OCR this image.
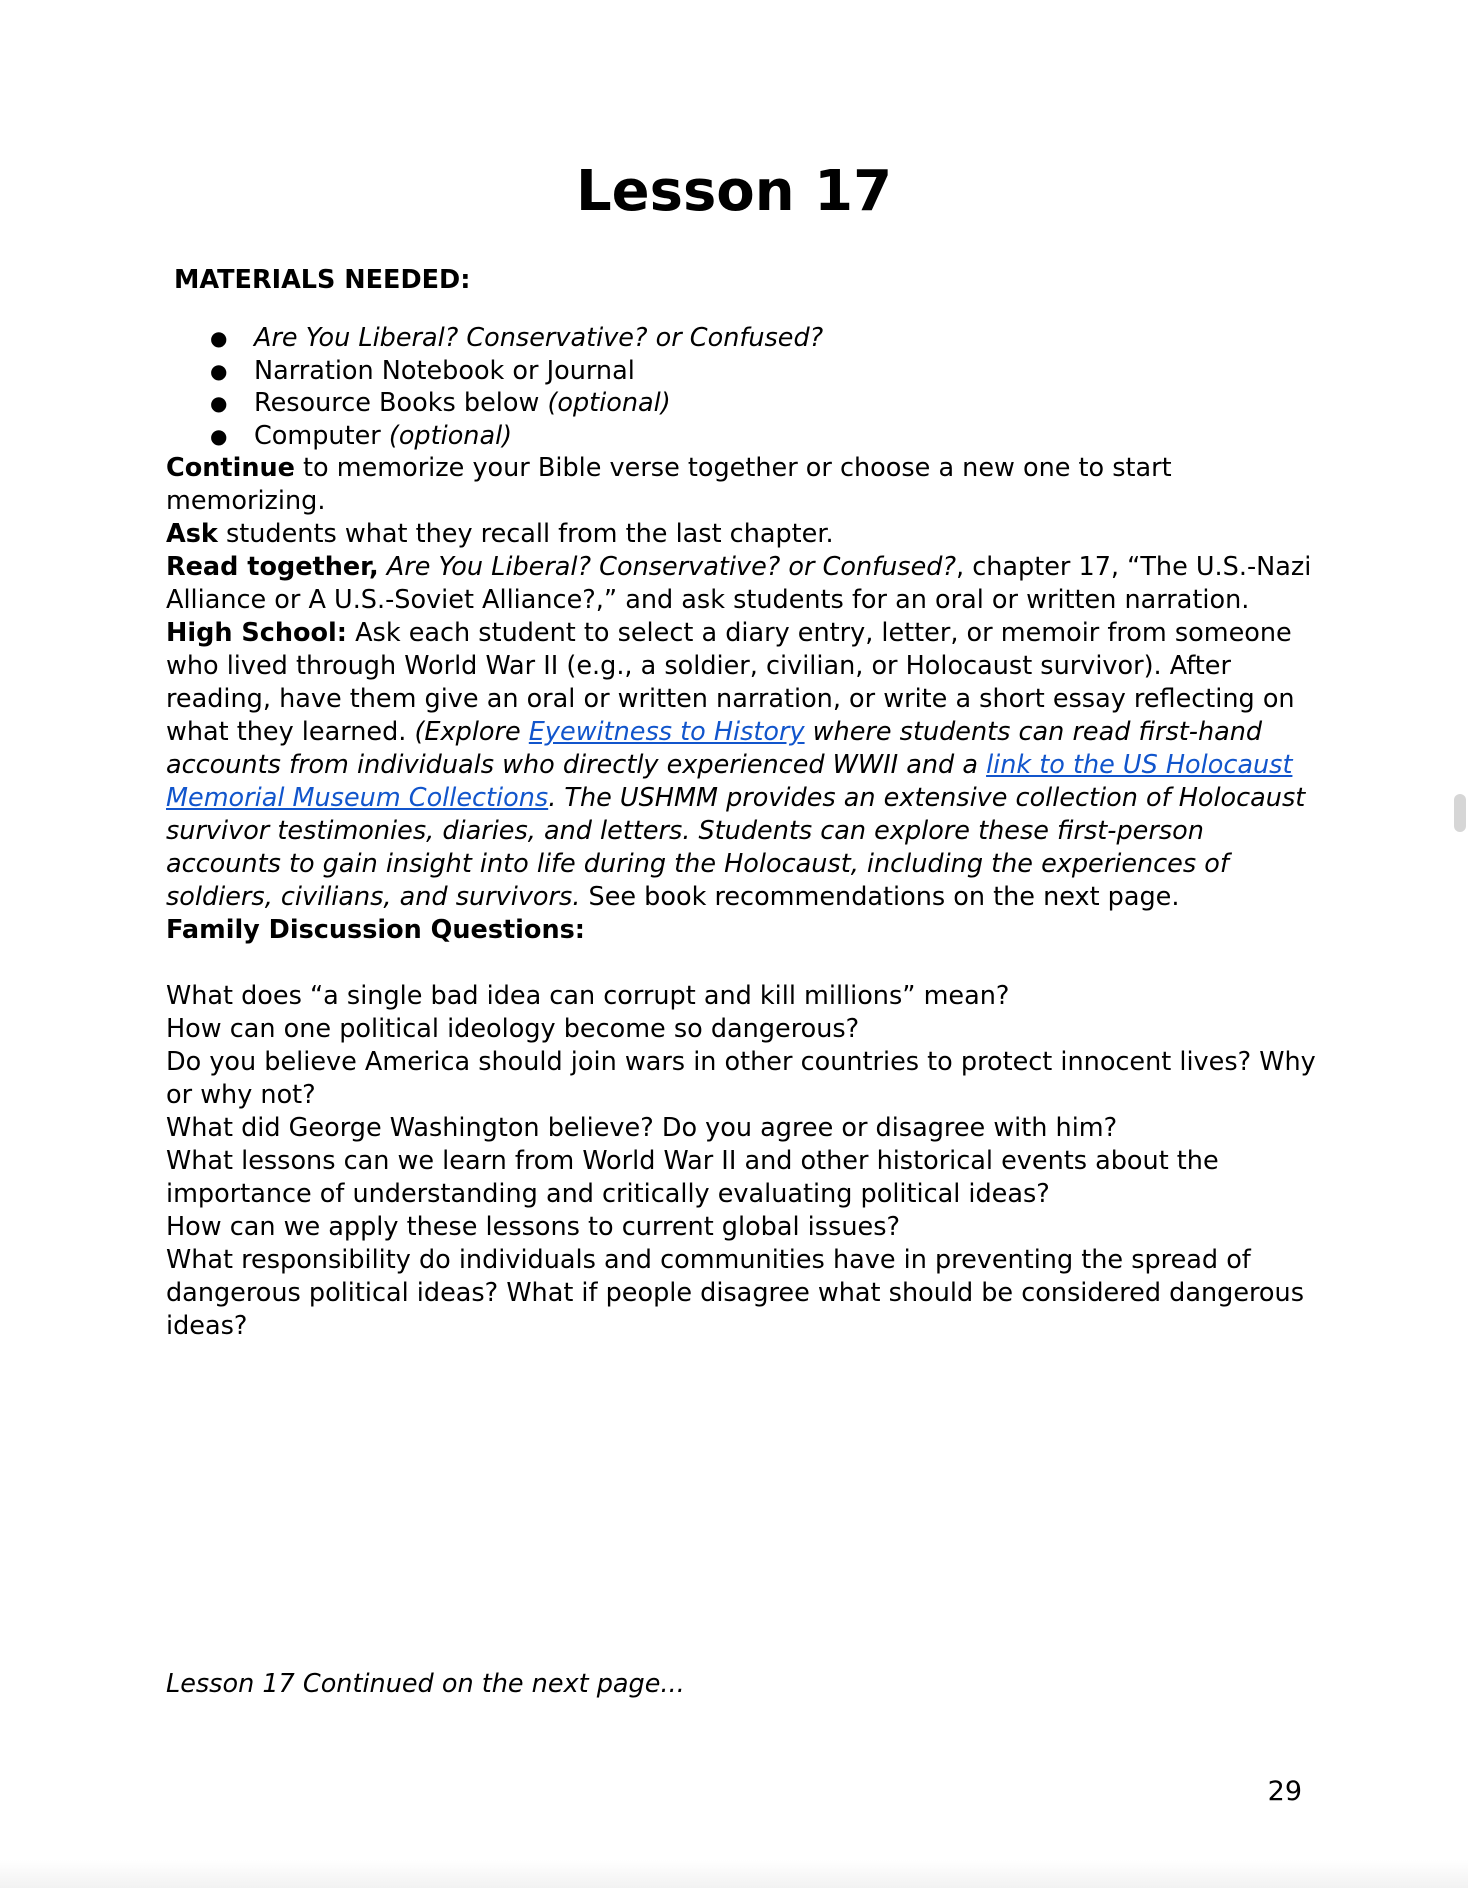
Lesson 17
MATERIALS NEEDED:
● Are You Liberal? Conservative? or Confused?
● Narration Notebook or Journal
● Resource Books below (optional)
● Computer (optional)

Continue to memorize your Bible verse together or choose a new one to start memorizing.

Ask students what they recall from the last chapter.

Read together, Are You Liberal? Conservative? or Confused?, chapter 17, “The U.S.-Nazi Alliance or A U.S.-Soviet Alliance?,” and ask students for an oral or written narration.

High School: Ask each student to select a diary entry, letter, or memoir from someone who lived through World War II (e.g., a soldier, civilian, or Holocaust survivor). After reading, have them give an oral or written narration, or write a short essay reflecting on what they learned. (Explore Eyewitness to History where students can read first-hand accounts from individuals who directly experienced WWII and a link to the US Holocaust Memorial Museum Collections. The USHMM provides an extensive collection of Holocaust survivor testimonies, diaries, and letters. Students can explore these first-person accounts to gain insight into life during the Holocaust, including the experiences of soldiers, civilians, and survivors. See book recommendations on the next page.

Family Discussion Questions:

What does “a single bad idea can corrupt and kill millions” mean?
How can one political ideology become so dangerous?
Do you believe America should join wars in other countries to protect innocent lives? Why or why not?
What did George Washington believe? Do you agree or disagree with him?
What lessons can we learn from World War II and other historical events about the importance of understanding and critically evaluating political ideas?
How can we apply these lessons to current global issues?
What responsibility do individuals and communities have in preventing the spread of dangerous political ideas? What if people disagree what should be considered dangerous ideas?
Lesson 17 Continued on the next page...
29
